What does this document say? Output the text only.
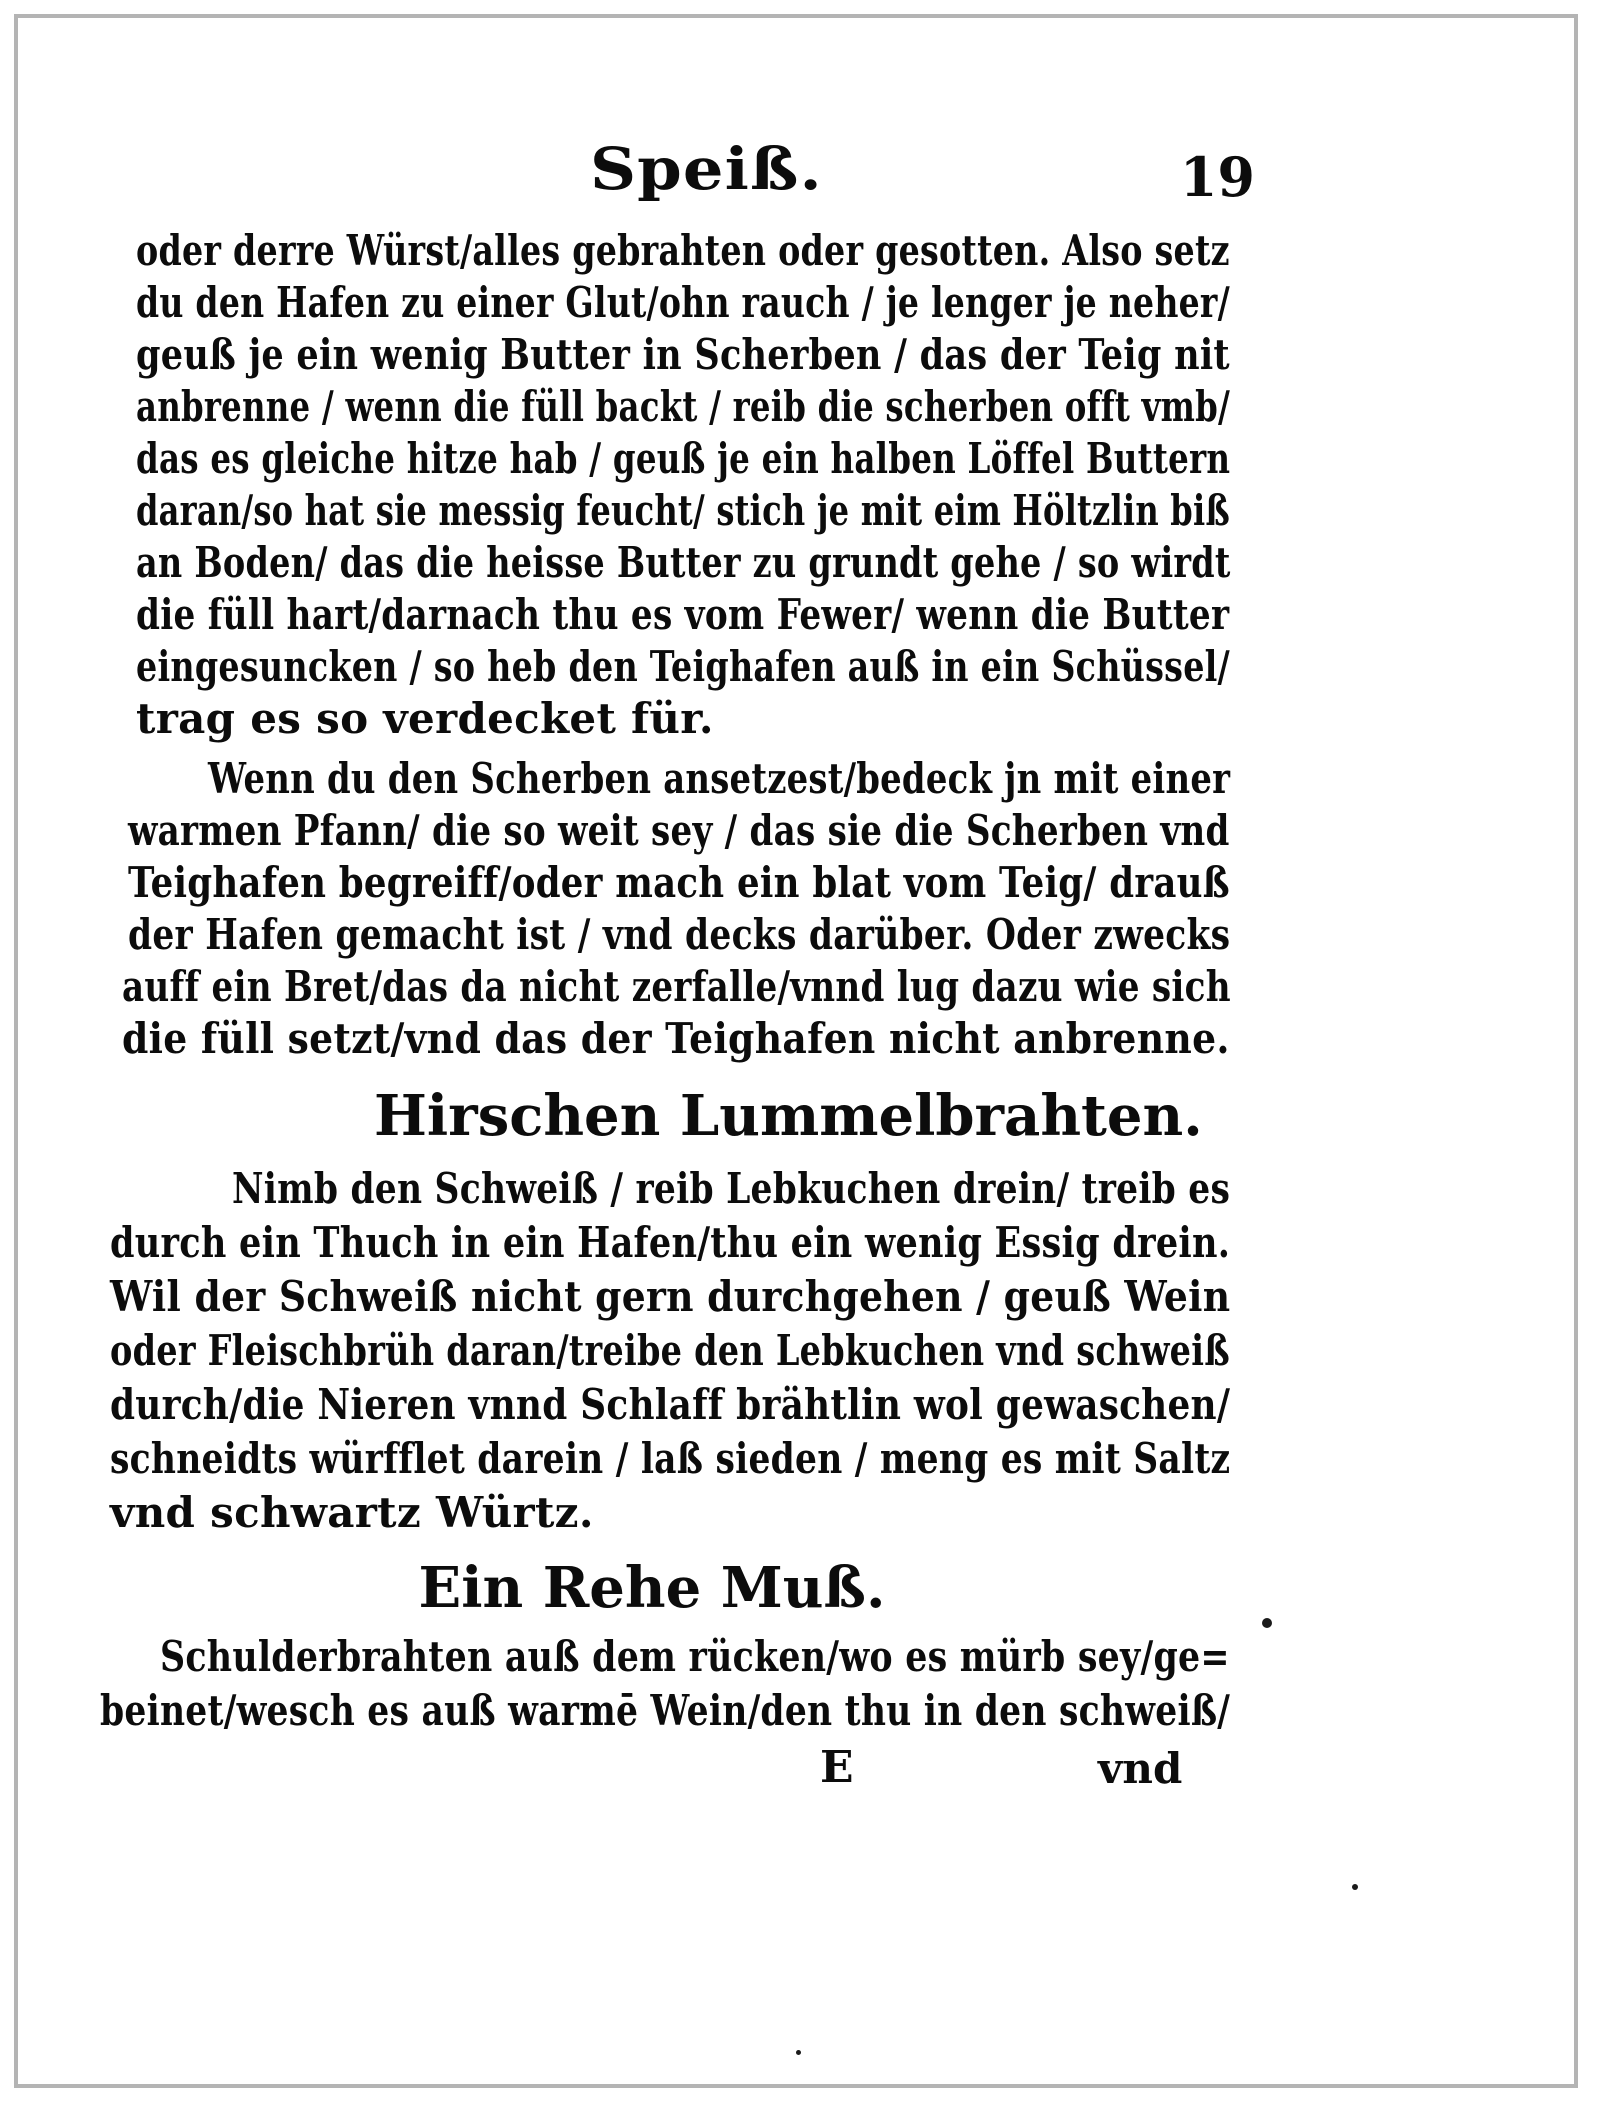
Speiß.	19
oder derre Würst/alles gebrahten oder gesotten. Also setz
du den Hafen zu einer Glut/ohn rauch / je lenger je neher/
geuß je ein wenig Butter in Scherben / das der Teig nit
anbrenne / wenn die füll backt / reib die scherben offt vmb/
das es gleiche hitze hab / geuß je ein halben Löffel Buttern
daran/so hat sie messig feucht/ stich je mit eim Höltzlin biß
an Boden/ das die heisse Butter zu grundt gehe / so wirdt
die füll hart/darnach thu es vom Fewer/ wenn die Butter
eingesuncken / so heb den Teighafen auß in ein Schüssel/
trag es so verdecket für.
Wenn du den Scherben ansetzest/bedeck jn mit einer
warmen Pfann/ die so weit sey / das sie die Scherben vnd
Teighafen begreiff/oder mach ein blat vom Teig/ drauß
der Hafen gemacht ist / vnd decks darüber. Oder zwecks
auff ein Bret/das da nicht zerfalle/vnnd lug dazu wie sich
die füll setzt/vnd das der Teighafen nicht anbrenne.
Hirschen Lummelbrahten.
Nimb den Schweiß / reib Lebkuchen drein/ treib es
durch ein Thuch in ein Hafen/thu ein wenig Essig drein.
Wil der Schweiß nicht gern durchgehen / geuß Wein
oder Fleischbrüh daran/treibe den Lebkuchen vnd schweiß
durch/die Nieren vnnd Schlaff brähtlin wol gewaschen/
schneidts würfflet darein / laß sieden / meng es mit Saltz
vnd schwartz Würtz.
Ein Rehe Muß.
Schulderbrahten auß dem rücken/wo es mürb sey/ge=
beinet/wesch es auß warmē Wein/den thu in den schweiß/
E	vnd
